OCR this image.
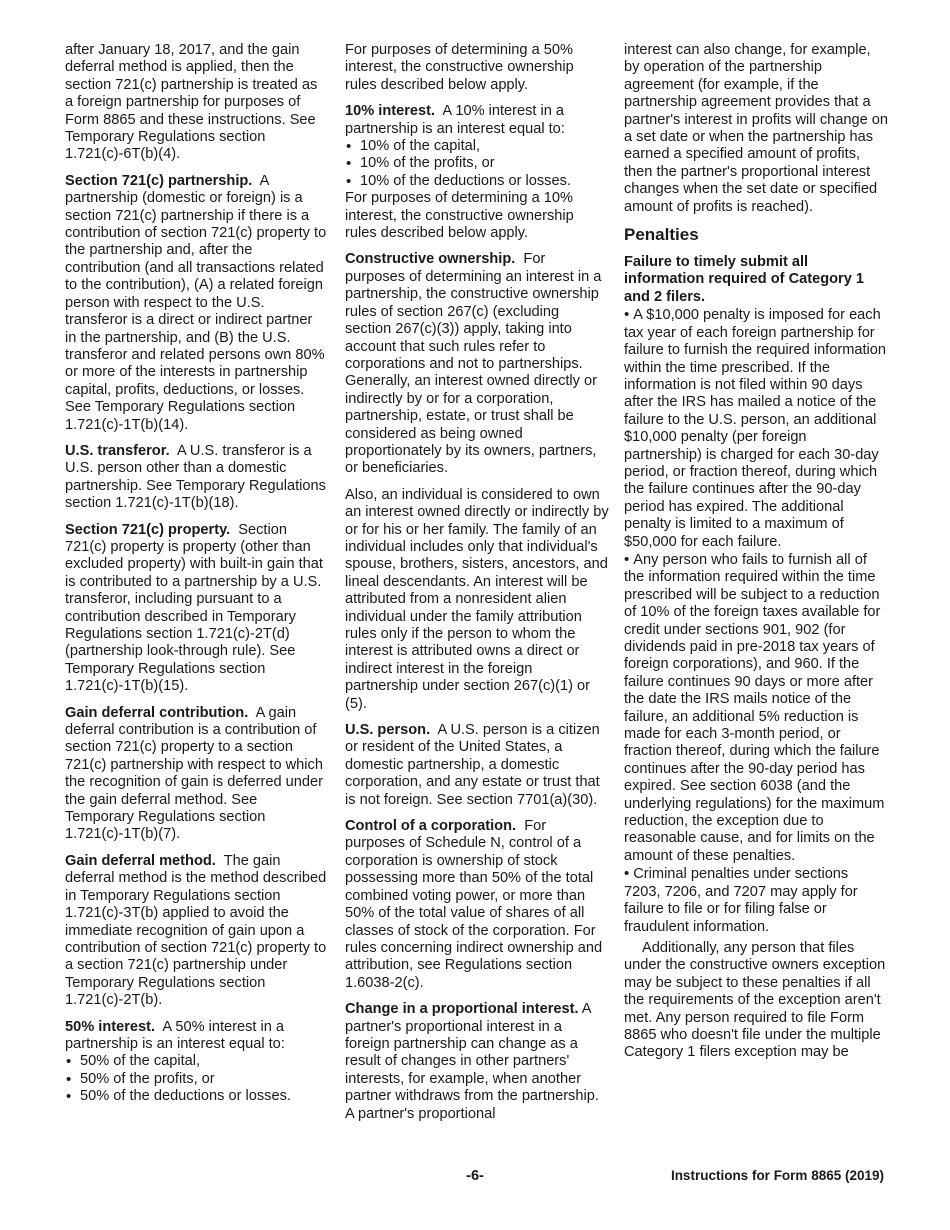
after January 18, 2017, and the gain deferral method is applied, then the section 721(c) partnership is treated as a foreign partnership for purposes of Form 8865 and these instructions. See Temporary Regulations section 1.721(c)-6T(b)(4).

Section 721(c) partnership. A partnership (domestic or foreign) is a section 721(c) partnership if there is a contribution of section 721(c) property to the partnership and, after the contribution (and all transactions related to the contribution), (A) a related foreign person with respect to the U.S. transferor is a direct or indirect partner in the partnership, and (B) the U.S. transferor and related persons own 80% or more of the interests in partnership capital, profits, deductions, or losses. See Temporary Regulations section 1.721(c)-1T(b)(14).

U.S. transferor. A U.S. transferor is a U.S. person other than a domestic partnership. See Temporary Regulations section 1.721(c)-1T(b)(18).

Section 721(c) property. Section 721(c) property is property (other than excluded property) with built-in gain that is contributed to a partnership by a U.S. transferor, including pursuant to a contribution described in Temporary Regulations section 1.721(c)-2T(d) (partnership look-through rule). See Temporary Regulations section 1.721(c)-1T(b)(15).

Gain deferral contribution. A gain deferral contribution is a contribution of section 721(c) property to a section 721(c) partnership with respect to which the recognition of gain is deferred under the gain deferral method. See Temporary Regulations section 1.721(c)-1T(b)(7).

Gain deferral method. The gain deferral method is the method described in Temporary Regulations section 1.721(c)-3T(b) applied to avoid the immediate recognition of gain upon a contribution of section 721(c) property to a section 721(c) partnership under Temporary Regulations section 1.721(c)-2T(b).

50% interest. A 50% interest in a partnership is an interest equal to:

• 50% of the capital,
• 50% of the profits, or
• 50% of the deductions or losses.

For purposes of determining a 50% interest, the constructive ownership rules described below apply.

10% interest. A 10% interest in a partnership is an interest equal to:

• 10% of the capital,
• 10% of the profits, or
• 10% of the deductions or losses.

For purposes of determining a 10% interest, the constructive ownership rules described below apply.

Constructive ownership. For purposes of determining an interest in a partnership, the constructive ownership rules of section 267(c) (excluding section 267(c)(3)) apply, taking into account that such rules refer to corporations and not to partnerships. Generally, an interest owned directly or indirectly by or for a corporation, partnership, estate, or trust shall be considered as being owned proportionately by its owners, partners, or beneficiaries.

Also, an individual is considered to own an interest owned directly or indirectly by or for his or her family. The family of an individual includes only that individual's spouse, brothers, sisters, ancestors, and lineal descendants. An interest will be attributed from a nonresident alien individual under the family attribution rules only if the person to whom the interest is attributed owns a direct or indirect interest in the foreign partnership under section 267(c)(1) or (5).

U.S. person. A U.S. person is a citizen or resident of the United States, a domestic partnership, a domestic corporation, and any estate or trust that is not foreign. See section 7701(a)(30).

Control of a corporation. For purposes of Schedule N, control of a corporation is ownership of stock possessing more than 50% of the total combined voting power, or more than 50% of the total value of shares of all classes of stock of the corporation. For rules concerning indirect ownership and attribution, see Regulations section 1.6038-2(c).

Change in a proportional interest. A partner's proportional interest in a foreign partnership can change as a result of changes in other partners' interests, for example, when another partner withdraws from the partnership. A partner's proportional

interest can also change, for example, by operation of the partnership agreement (for example, if the partnership agreement provides that a partner's interest in profits will change on a set date or when the partnership has earned a specified amount of profits, then the partner's proportional interest changes when the set date or specified amount of profits is reached).

Penalties
Failure to timely submit all information required of Category 1 and 2 filers.

• A $10,000 penalty is imposed for each tax year of each foreign partnership for failure to furnish the required information within the time prescribed. If the information is not filed within 90 days after the IRS has mailed a notice of the failure to the U.S. person, an additional $10,000 penalty (per foreign partnership) is charged for each 30-day period, or fraction thereof, during which the failure continues after the 90-day period has expired. The additional penalty is limited to a maximum of $50,000 for each failure.

• Any person who fails to furnish all of the information required within the time prescribed will be subject to a reduction of 10% of the foreign taxes available for credit under sections 901, 902 (for dividends paid in pre-2018 tax years of foreign corporations), and 960. If the failure continues 90 days or more after the date the IRS mails notice of the failure, an additional 5% reduction is made for each 3-month period, or fraction thereof, during which the failure continues after the 90-day period has expired. See section 6038 (and the underlying regulations) for the maximum reduction, the exception due to reasonable cause, and for limits on the amount of these penalties.

• Criminal penalties under sections 7203, 7206, and 7207 may apply for failure to file or for filing false or fraudulent information.

Additionally, any person that files under the constructive owners exception may be subject to these penalties if all the requirements of the exception aren't met. Any person required to file Form 8865 who doesn't file under the multiple Category 1 filers exception may be

-6-	Instructions for Form 8865 (2019)
